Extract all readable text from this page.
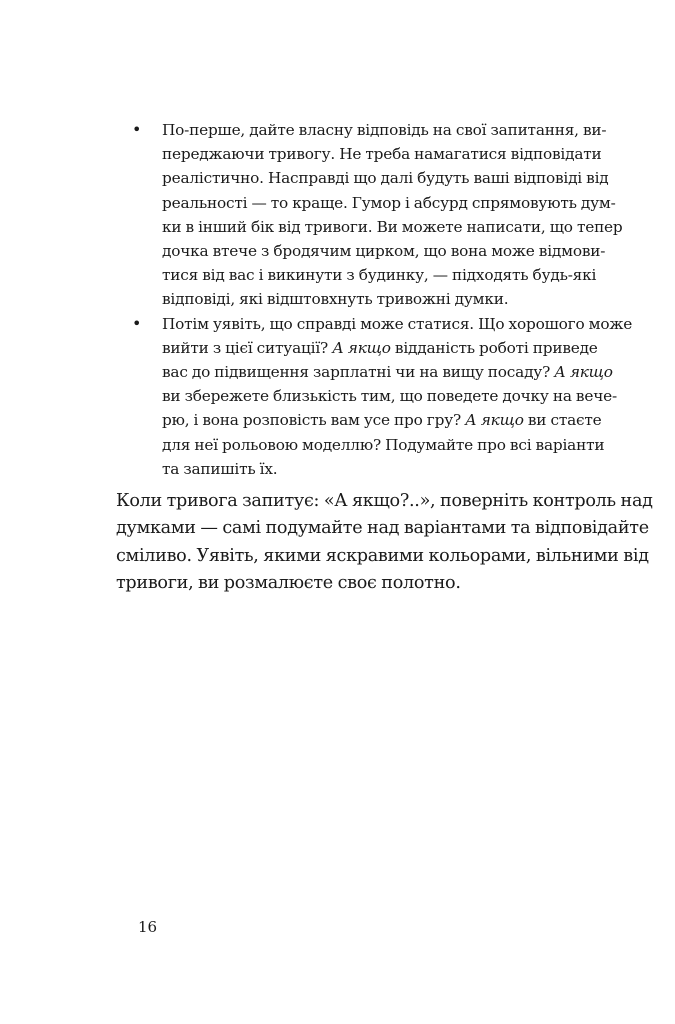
• По-перше, дайте власну відповідь на свої запитання, ви-
переджаючи тривогу. Не треба намагатися відповідати
реалістично. Насправді що далі будуть ваші відповіді від
реальності — то краще. Гумор і абсурд спрямовують дум-
ки в інший бік від тривоги. Ви можете написати, що тепер
дочка втече з бродячим цирком, що вона може відмови-
тися від вас і викинути з будинку, — підходять будь-які
відповіді, які відштовхнуть тривожні думки.
• Потім уявіть, що справді може статися. Що хорошого може
вийти з цієї ситуації? А якщо відданість роботі приведе
вас до підвищення зарплатні чи на вищу посаду? А якщо
ви збережете близькість тим, що поведете дочку на вече-
рю, і вона розповість вам усе про гру? А якщо ви стаєте
для неї рольовою моделлю? Подумайте про всі варіанти
та запишіть їх.
Коли тривога запитує: «А якщо?..», поверніть контроль над
думками — самі подумайте над варіантами та відповідайте
сміливо. Уявіть, якими яскравими кольорами, вільними від
тривоги, ви розмалюєте своє полотно.
16
